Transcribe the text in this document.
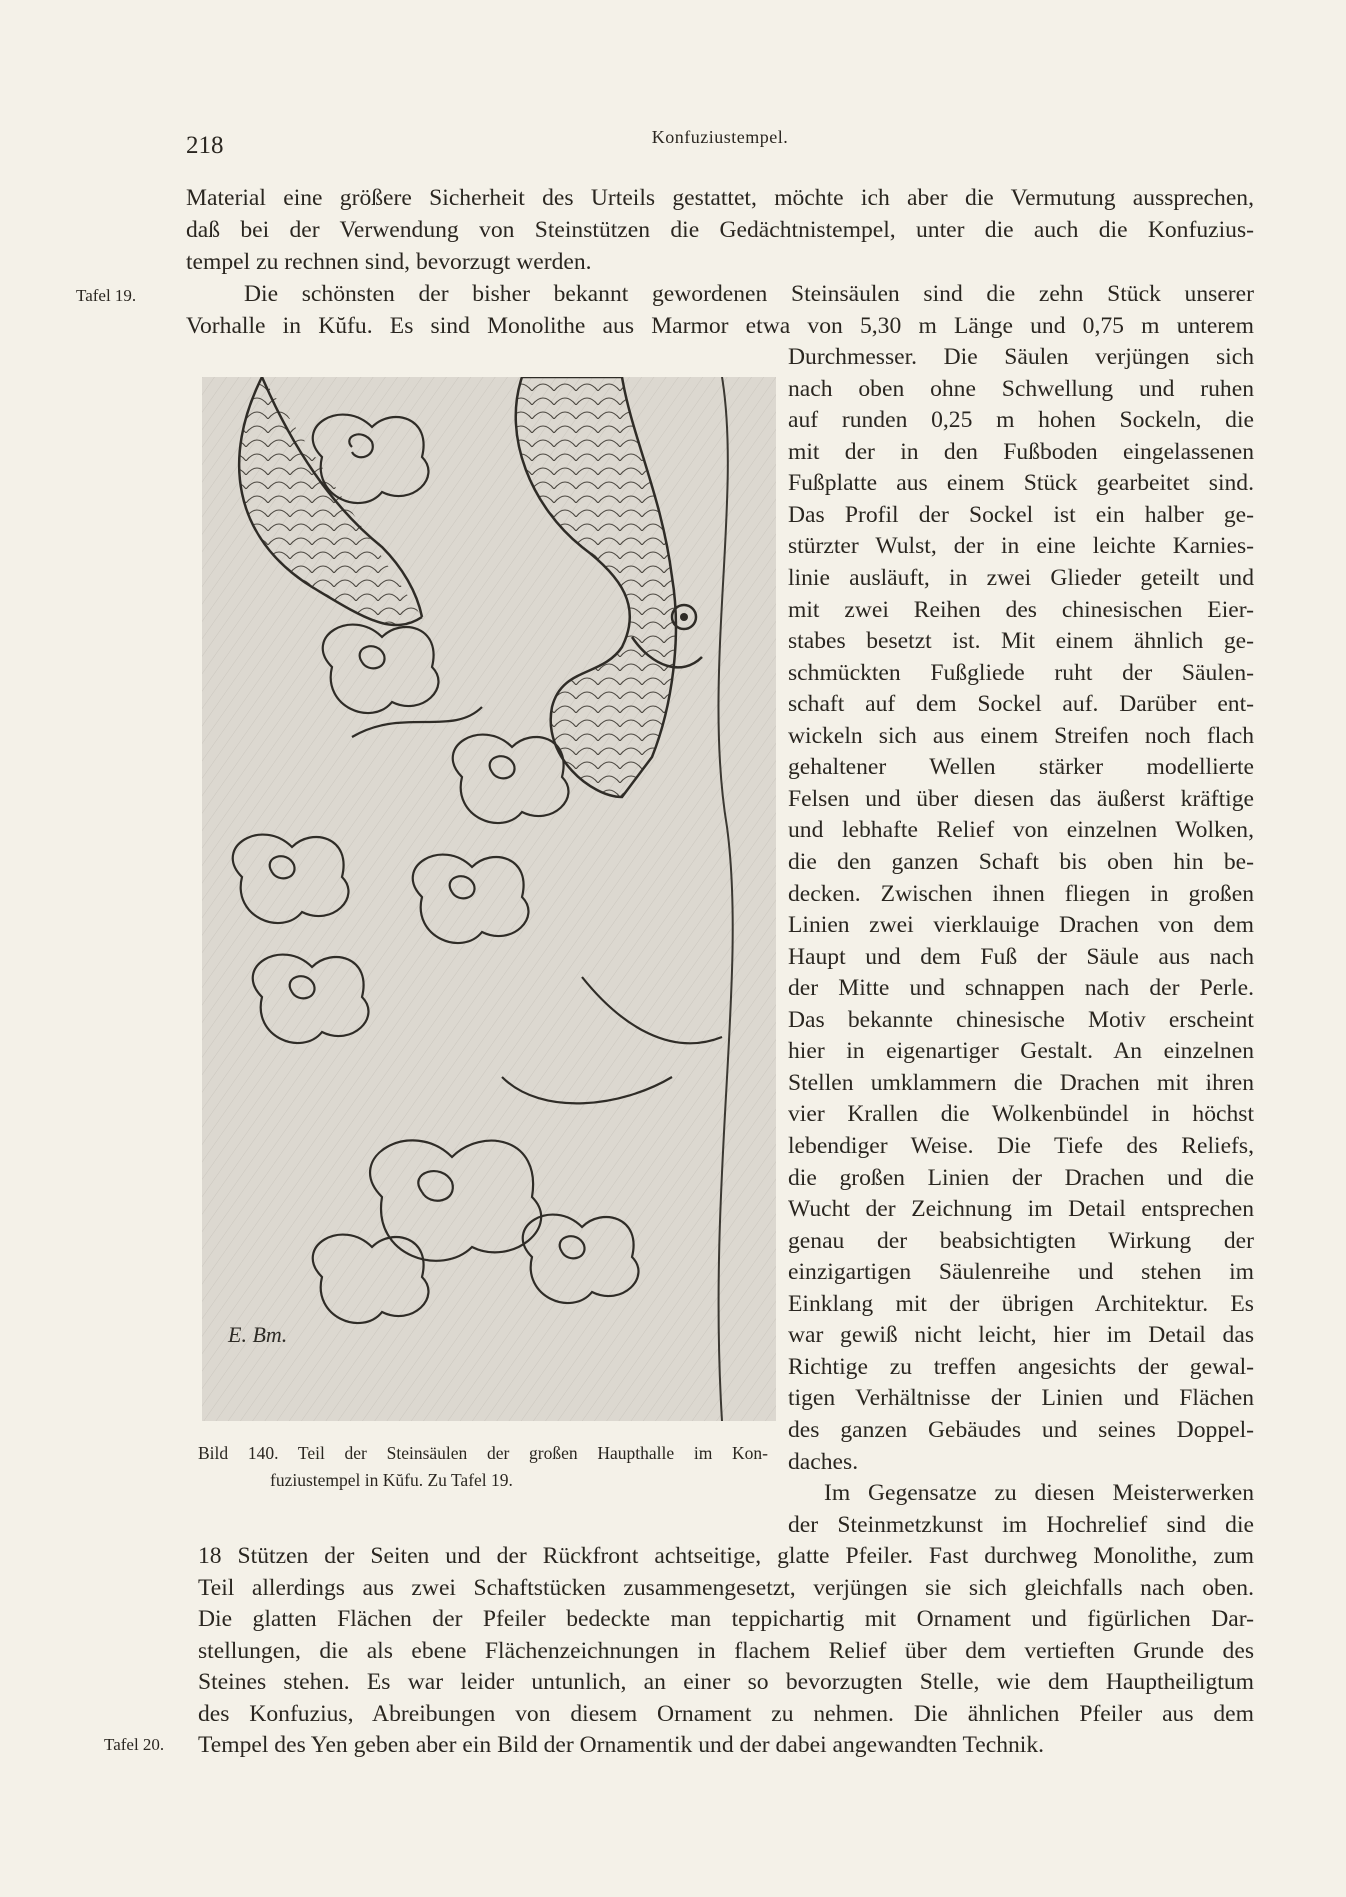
218	Konfuziustempel.
Tafel 19.
Tafel 20.
Material eine größere Sicherheit des Urteils gestattet, möchte ich aber die Vermutung aussprechen,
daß bei der Verwendung von Steinstützen die Gedächtnistempel, unter die auch die Konfuzius-
tempel zu rechnen sind, bevorzugt werden.
Die schönsten der bisher bekannt gewordenen Steinsäulen sind die zehn Stück unserer
Vorhalle in Kŭfu. Es sind Monolithe aus Marmor etwa von 5,30 m Länge und 0,75 m unterem
Durchmesser. Die Säulen verjüngen sich
nach oben ohne Schwellung und ruhen
auf runden 0,25 m hohen Sockeln, die
mit der in den Fußboden eingelassenen
Fußplatte aus einem Stück gearbeitet sind.
Das Profil der Sockel ist ein halber ge-
stürzter Wulst, der in eine leichte Karnies-
linie ausläuft, in zwei Glieder geteilt und
mit zwei Reihen des chinesischen Eier-
stabes besetzt ist. Mit einem ähnlich ge-
schmückten Fußgliede ruht der Säulen-
schaft auf dem Sockel auf. Darüber ent-
wickeln sich aus einem Streifen noch flach
gehaltener Wellen stärker modellierte
Felsen und über diesen das äußerst kräftige
und lebhafte Relief von einzelnen Wolken,
die den ganzen Schaft bis oben hin be-
decken. Zwischen ihnen fliegen in großen
Linien zwei vierklauige Drachen von dem
Haupt und dem Fuß der Säule aus nach
der Mitte und schnappen nach der Perle.
Das bekannte chinesische Motiv erscheint
hier in eigenartiger Gestalt. An einzelnen
Stellen umklammern die Drachen mit ihren
vier Krallen die Wolkenbündel in höchst
lebendiger Weise. Die Tiefe des Reliefs,
die großen Linien der Drachen und die
Wucht der Zeichnung im Detail entsprechen
genau der beabsichtigten Wirkung der
einzigartigen Säulenreihe und stehen im
Einklang mit der übrigen Architektur. Es
war gewiß nicht leicht, hier im Detail das
Richtige zu treffen angesichts der gewal-
tigen Verhältnisse der Linien und Flächen
des ganzen Gebäudes und seines Doppel-
daches.
Im Gegensatze zu diesen Meisterwerken
der Steinmetzkunst im Hochrelief sind die
18 Stützen der Seiten und der Rückfront achtseitige, glatte Pfeiler. Fast durchweg Monolithe, zum
Teil allerdings aus zwei Schaftstücken zusammengesetzt, verjüngen sie sich gleichfalls nach oben.
Die glatten Flächen der Pfeiler bedeckte man teppichartig mit Ornament und figürlichen Dar-
stellungen, die als ebene Flächenzeichnungen in flachem Relief über dem vertieften Grunde des
Steines stehen. Es war leider untunlich, an einer so bevorzugten Stelle, wie dem Hauptheiligtum
des Konfuzius, Abreibungen von diesem Ornament zu nehmen. Die ähnlichen Pfeiler aus dem
Tempel des Yen geben aber ein Bild der Ornamentik und der dabei angewandten Technik.
E. Bm.
Bild 140. Teil der Steinsäulen der großen Haupthalle im Kon-
fuziustempel in Kŭfu. Zu Tafel 19.
